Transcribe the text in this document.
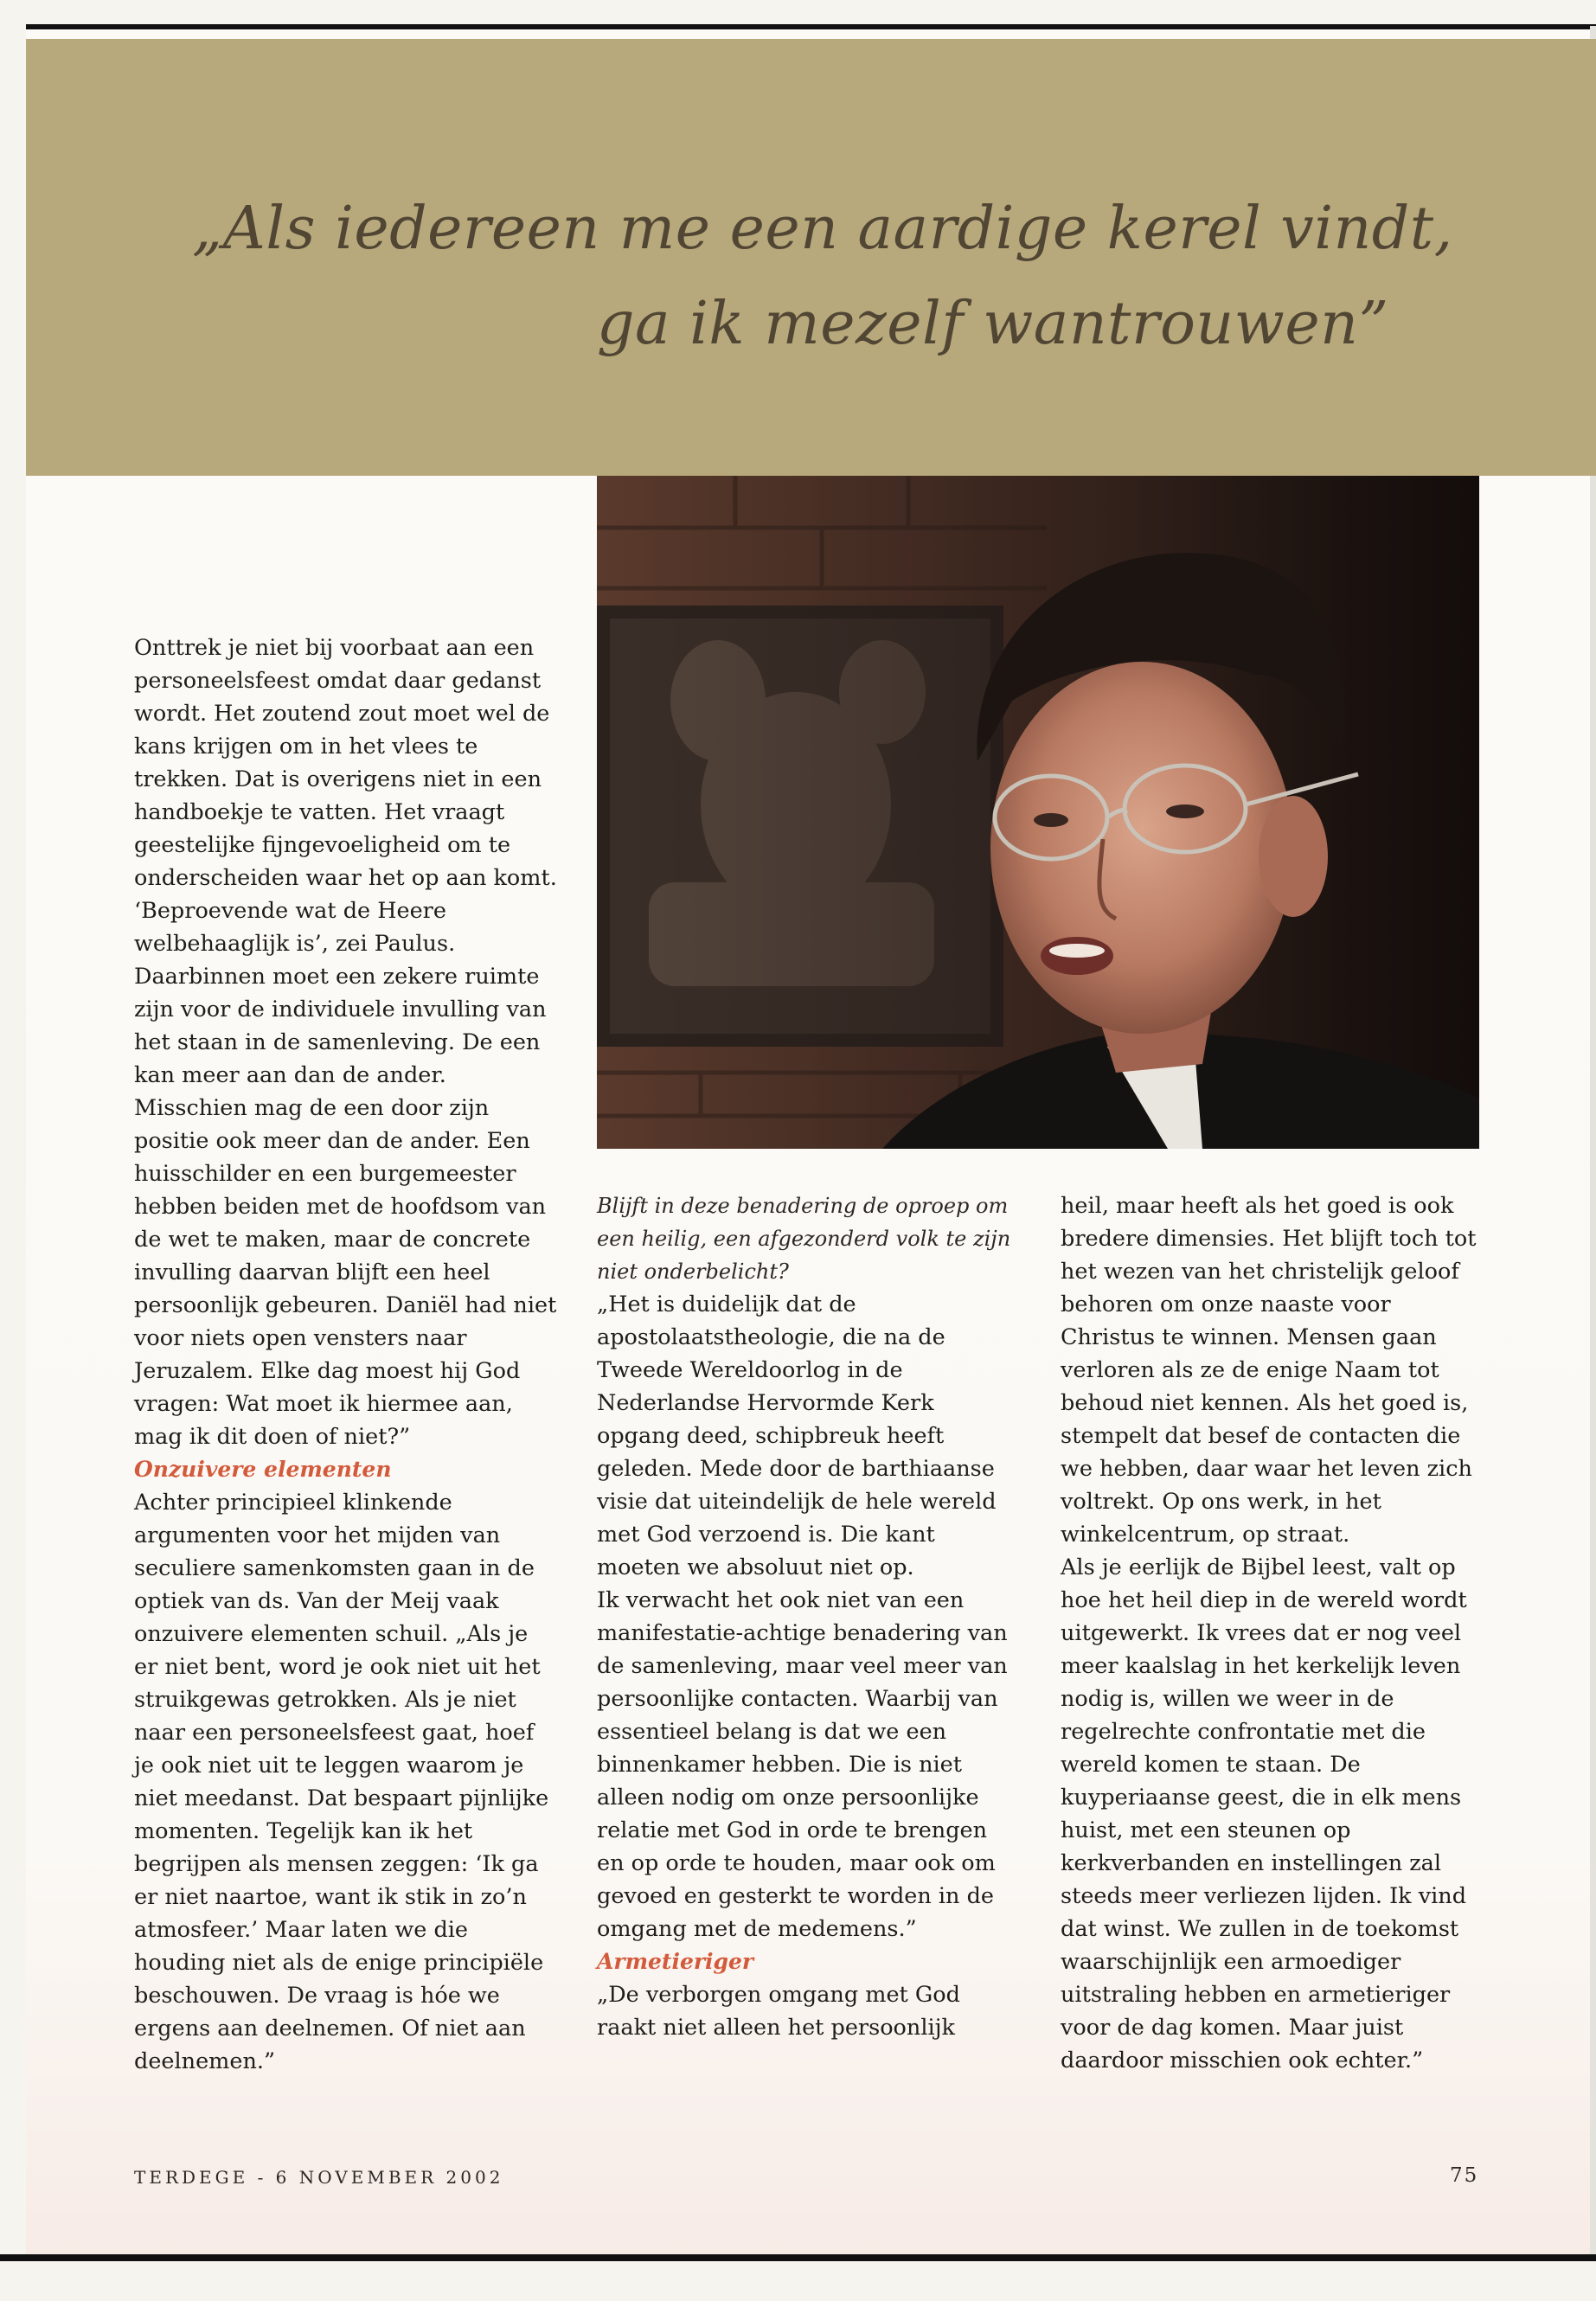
„Als iedereen me een aardige kerel vindt,
ga ik mezelf wantrouwen”

Onttrek je niet bij voorbaat aan een personeelsfeest omdat daar gedanst wordt. Het zoutend zout moet wel de kans krijgen om in het vlees te trekken. Dat is overigens niet in een handboekje te vatten. Het vraagt geestelijke fijngevoeligheid om te onderscheiden waar het op aan komt. ‘Beproevende wat de Heere welbehaaglijk is’, zei Paulus. Daarbinnen moet een zekere ruimte zijn voor de individuele invulling van het staan in de samenleving. De een kan meer aan dan de ander. Misschien mag de een door zijn positie ook meer dan de ander. Een huisschilder en een burgemeester hebben beiden met de hoofdsom van de wet te maken, maar de concrete invulling daarvan blijft een heel persoonlijk gebeuren. Daniël had niet voor niets open vensters naar Jeruzalem. Elke dag moest hij God vragen: Wat moet ik hiermee aan, mag ik dit doen of niet?”

Onzuivere elementen

Achter principieel klinkende argumenten voor het mijden van seculiere samenkomsten gaan in de optiek van ds. Van der Meij vaak onzuivere elementen schuil. „Als je er niet bent, word je ook niet uit het struikgewas getrokken. Als je niet naar een personeelsfeest gaat, hoef je ook niet uit te leggen waarom je niet meedanst. Dat bespaart pijnlijke momenten. Tegelijk kan ik het begrijpen als mensen zeggen: ‘Ik ga er niet naartoe, want ik stik in zo’n atmosfeer.’ Maar laten we die houding niet als de enige principiële beschouwen. De vraag is hóe we ergens aan deelnemen. Of niet aan deelnemen.”

Blijft in deze benadering de oproep om een heilig, een afgezonderd volk te zijn niet onderbelicht?

„Het is duidelijk dat de apostolaatstheologie, die na de Tweede Wereldoorlog in de Nederlandse Hervormde Kerk opgang deed, schipbreuk heeft geleden. Mede door de barthiaanse visie dat uiteindelijk de hele wereld met God verzoend is. Die kant moeten we absoluut niet op.

Ik verwacht het ook niet van een manifestatie-achtige benadering van de samenleving, maar veel meer van persoonlijke contacten. Waarbij van essentieel belang is dat we een binnenkamer hebben. Die is niet alleen nodig om onze persoonlijke relatie met God in orde te brengen en op orde te houden, maar ook om gevoed en gesterkt te worden in de omgang met de medemens.”

Armetieriger

„De verborgen omgang met God raakt niet alleen het persoonlijk

heil, maar heeft als het goed is ook bredere dimensies. Het blijft toch tot het wezen van het christelijk geloof behoren om onze naaste voor Christus te winnen. Mensen gaan verloren als ze de enige Naam tot behoud niet kennen. Als het goed is, stempelt dat besef de contacten die we hebben, daar waar het leven zich voltrekt. Op ons werk, in het winkelcentrum, op straat.

Als je eerlijk de Bijbel leest, valt op hoe het heil diep in de wereld wordt uitgewerkt. Ik vrees dat er nog veel meer kaalslag in het kerkelijk leven nodig is, willen we weer in de regelrechte confrontatie met die wereld komen te staan. De kuyperiaanse geest, die in elk mens huist, met een steunen op kerkverbanden en instellingen zal steeds meer verliezen lijden. Ik vind dat winst. We zullen in de toekomst waarschijnlijk een armoediger uitstraling hebben en armetieriger voor de dag komen. Maar juist daardoor misschien ook echter.”

TERDEGE - 6 NOVEMBER 2002	75
